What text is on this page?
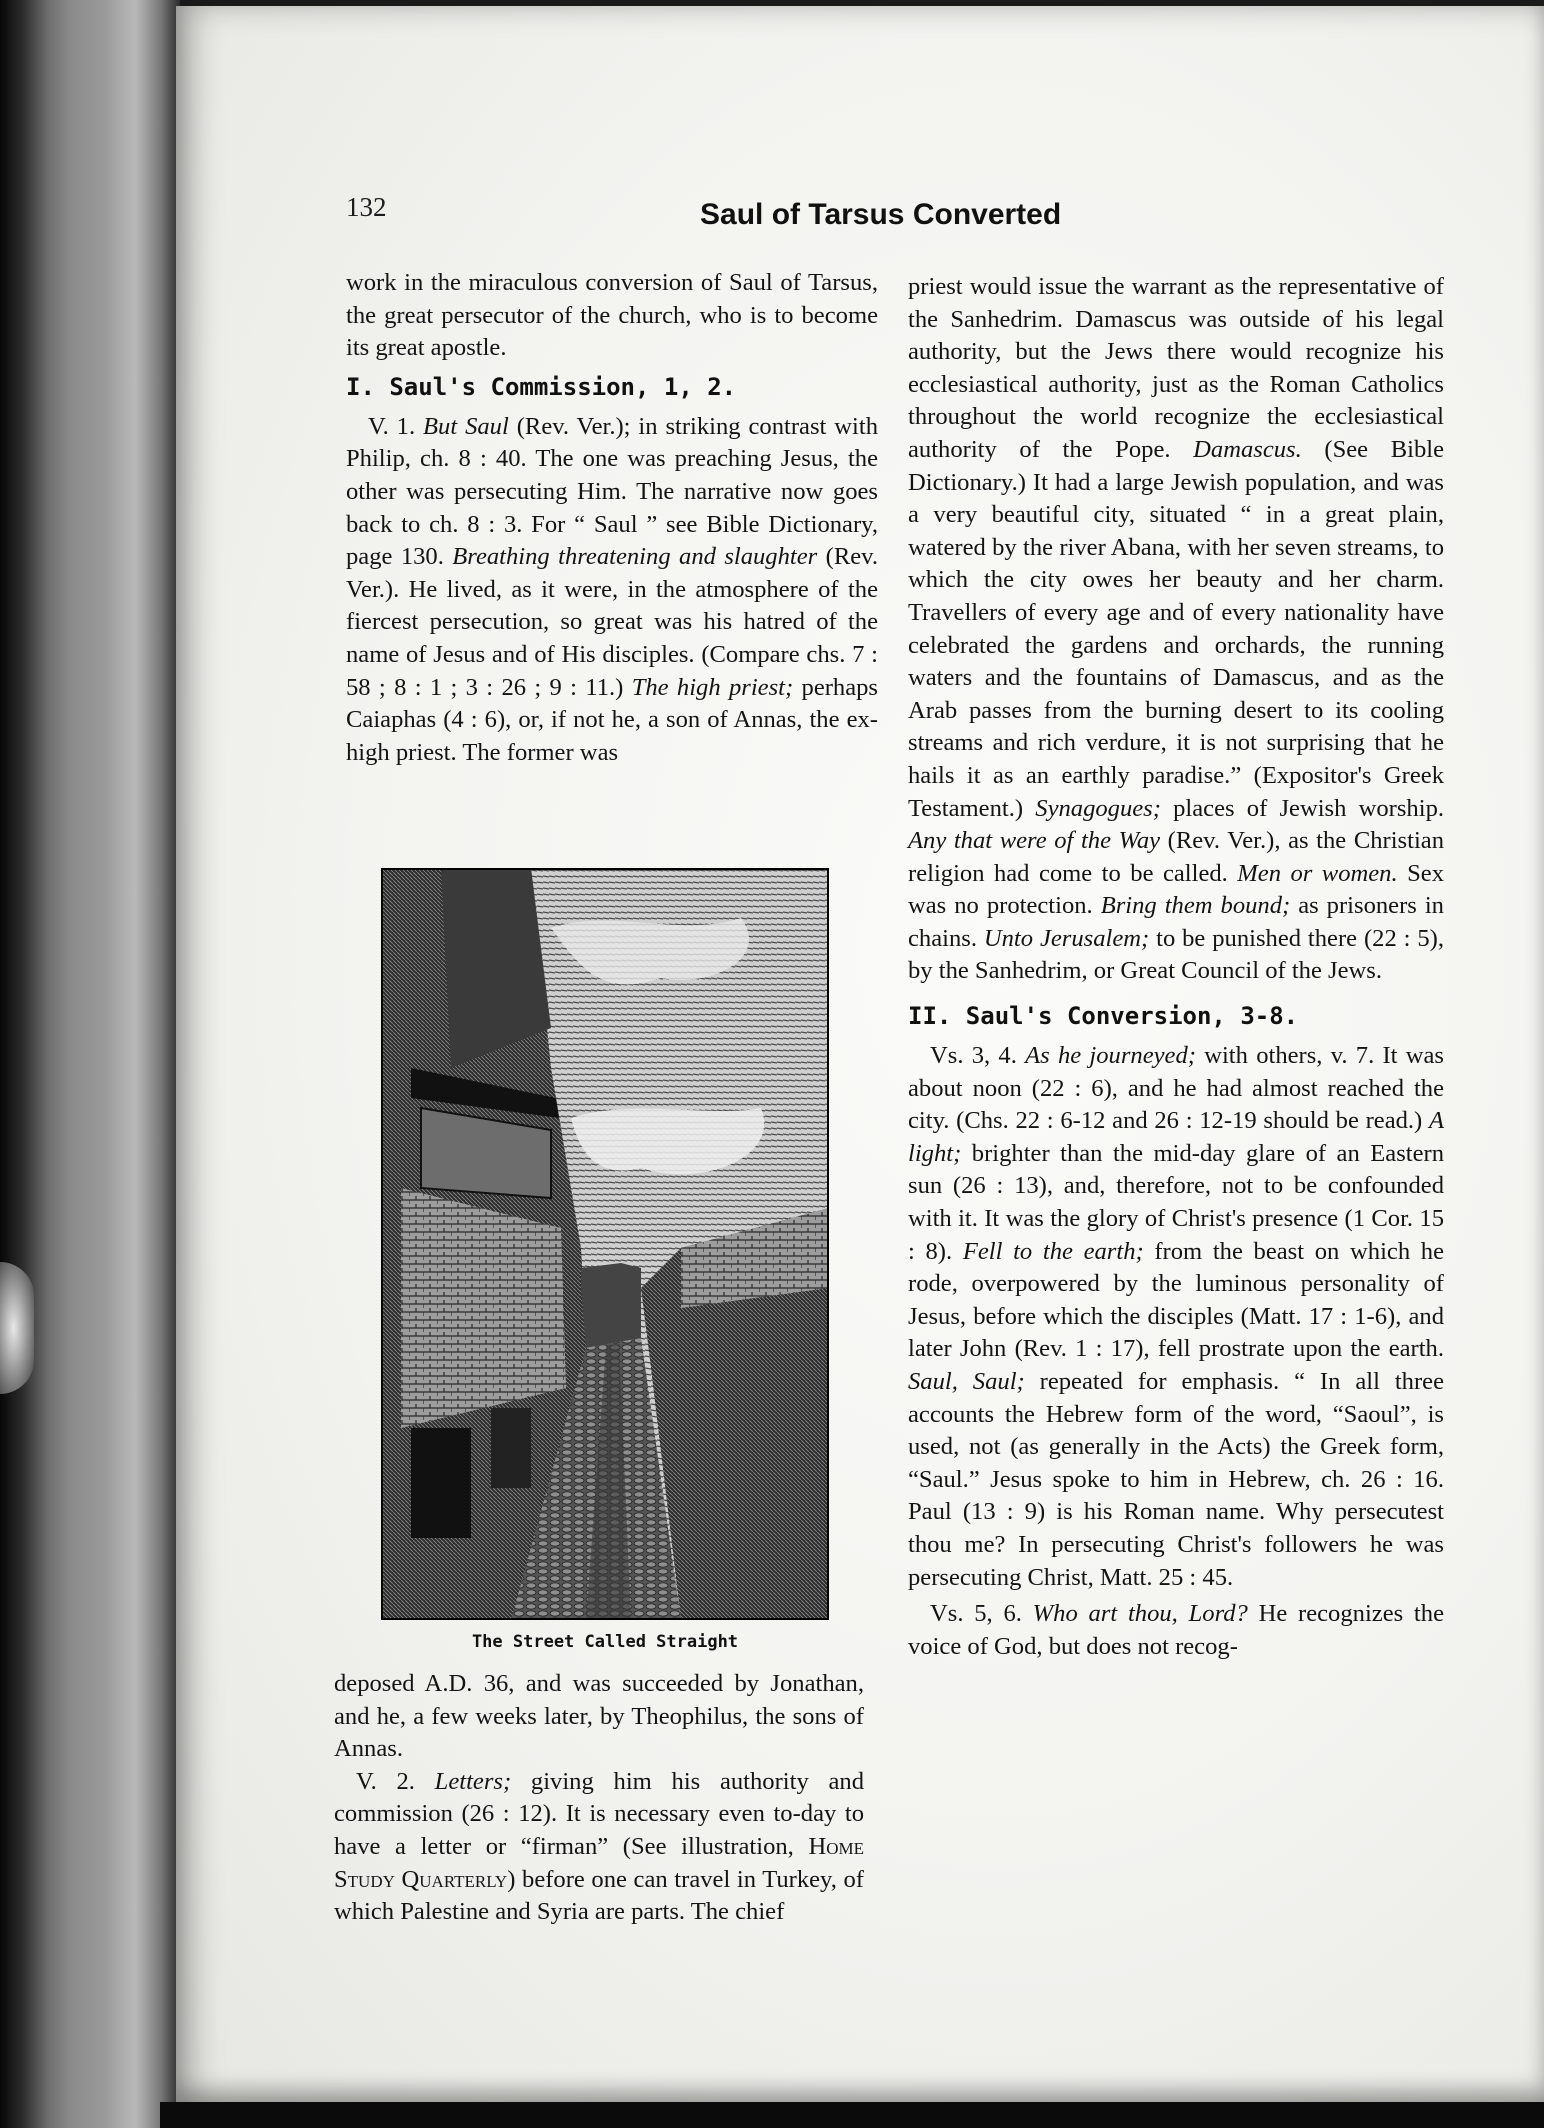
132	Saul of Tarsus Converted

work in the miraculous conversion of Saul of Tarsus, the great persecutor of the church, who is to become its great apostle.

I. Saul's Commission, 1, 2.

V. 1. But Saul (Rev. Ver.); in striking contrast with Philip, ch. 8 : 40. The one was preaching Jesus, the other was persecuting Him. The narrative now goes back to ch. 8 : 3. For “ Saul ” see Bible Dictionary, page 130. Breathing threatening and slaughter (Rev. Ver.). He lived, as it were, in the atmosphere of the fiercest persecution, so great was his hatred of the name of Jesus and of His disciples. (Compare chs. 7 : 58 ; 8 : 1 ; 3 : 26 ; 9 : 11.) The high priest; perhaps Caiaphas (4 : 6), or, if not he, a son of Annas, the ex-high priest. The former was

The Street Called Straight

deposed A.D. 36, and was succeeded by Jonathan, and he, a few weeks later, by Theophilus, the sons of Annas.

V. 2. Letters; giving him his authority and commission (26 : 12). It is necessary even to-day to have a letter or “firman” (See illustration, Home Study Quarterly) before one can travel in Turkey, of which Palestine and Syria are parts. The chief

priest would issue the warrant as the representative of the Sanhedrim. Damascus was outside of his legal authority, but the Jews there would recognize his ecclesiastical authority, just as the Roman Catholics throughout the world recognize the ecclesiastical authority of the Pope. Damascus. (See Bible Dictionary.) It had a large Jewish population, and was a very beautiful city, situated “ in a great plain, watered by the river Abana, with her seven streams, to which the city owes her beauty and her charm. Travellers of every age and of every nationality have celebrated the gardens and orchards, the running waters and the fountains of Damascus, and as the Arab passes from the burning desert to its cooling streams and rich verdure, it is not surprising that he hails it as an earthly paradise.” (Expositor's Greek Testament.) Synagogues; places of Jewish worship. Any that were of the Way (Rev. Ver.), as the Christian religion had come to be called. Men or women. Sex was no protection. Bring them bound; as prisoners in chains. Unto Jerusalem; to be punished there (22 : 5), by the Sanhedrim, or Great Council of the Jews.

II. Saul's Conversion, 3-8.

Vs. 3, 4. As he journeyed; with others, v. 7. It was about noon (22 : 6), and he had almost reached the city. (Chs. 22 : 6-12 and 26 : 12-19 should be read.) A light; brighter than the mid-day glare of an Eastern sun (26 : 13), and, therefore, not to be confounded with it. It was the glory of Christ's presence (1 Cor. 15 : 8). Fell to the earth; from the beast on which he rode, overpowered by the luminous personality of Jesus, before which the disciples (Matt. 17 : 1-6), and later John (Rev. 1 : 17), fell prostrate upon the earth. Saul, Saul; repeated for emphasis. “ In all three accounts the Hebrew form of the word, “Saoul”, is used, not (as generally in the Acts) the Greek form, “Saul.” Jesus spoke to him in Hebrew, ch. 26 : 16. Paul (13 : 9) is his Roman name. Why persecutest thou me? In persecuting Christ's followers he was persecuting Christ, Matt. 25 : 45.

Vs. 5, 6. Who art thou, Lord? He recognizes the voice of God, but does not recog-
